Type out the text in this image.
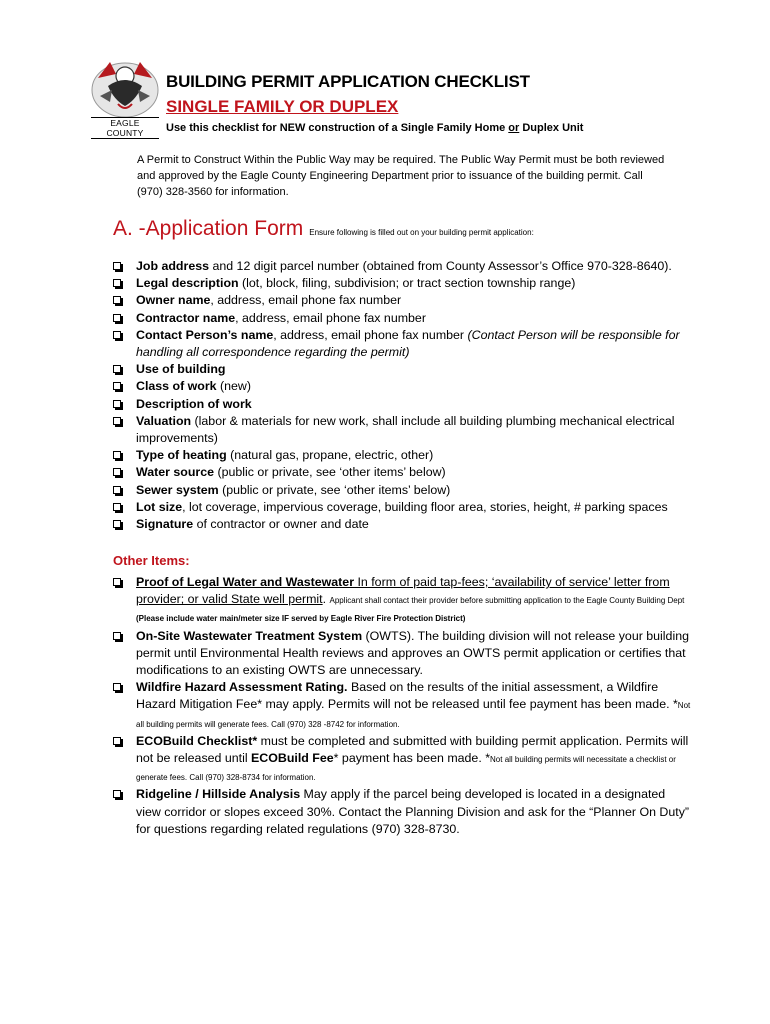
EAGLE COUNTY
BUILDING PERMIT APPLICATION CHECKLIST
SINGLE FAMILY OR DUPLEX
Use this checklist for NEW construction of a Single Family Home or Duplex Unit
A Permit to Construct Within the Public Way may be required. The Public Way Permit must be both reviewed and approved by the Eagle County Engineering Department prior to issuance of the building permit. Call (970) 328-3560 for information.
A. -Application Form Ensure following is filled out on your building permit application:
Job address and 12 digit parcel number (obtained from County Assessor’s Office 970-328-8640).
Legal description (lot, block, filing, subdivision; or tract section township range)
Owner name, address, email phone fax number
Contractor name, address, email phone fax number
Contact Person’s name, address, email phone fax number (Contact Person will be responsible for handling all correspondence regarding the permit)
Use of building
Class of work (new)
Description of work
Valuation (labor & materials for new work, shall include all building plumbing mechanical electrical improvements)
Type of heating (natural gas, propane, electric, other)
Water source (public or private, see ‘other items’ below)
Sewer system (public or private, see ‘other items’ below)
Lot size, lot coverage, impervious coverage, building floor area, stories, height, # parking spaces
Signature of contractor or owner and date
Other Items:
Proof of Legal Water and Wastewater In form of paid tap-fees; ‘availability of service’ letter from provider; or valid State well permit. Applicant shall contact their provider before submitting application to the Eagle County Building Dept (Please include water main/meter size IF served by Eagle River Fire Protection District)
On-Site Wastewater Treatment System (OWTS). The building division will not release your building permit until Environmental Health reviews and approves an OWTS permit application or certifies that modifications to an existing OWTS are unnecessary.
Wildfire Hazard Assessment Rating. Based on the results of the initial assessment, a Wildfire Hazard Mitigation Fee* may apply. Permits will not be released until fee payment has been made. *Not all building permits will generate fees. Call (970) 328 -8742 for information.
ECOBuild Checklist* must be completed and submitted with building permit application. Permits will not be released until ECOBuild Fee* payment has been made. *Not all building permits will necessitate a checklist or generate fees. Call (970) 328-8734 for information.
Ridgeline / Hillside Analysis May apply if the parcel being developed is located in a designated view corridor or slopes exceed 30%. Contact the Planning Division and ask for the “Planner On Duty” for questions regarding related regulations (970) 328-8730.
